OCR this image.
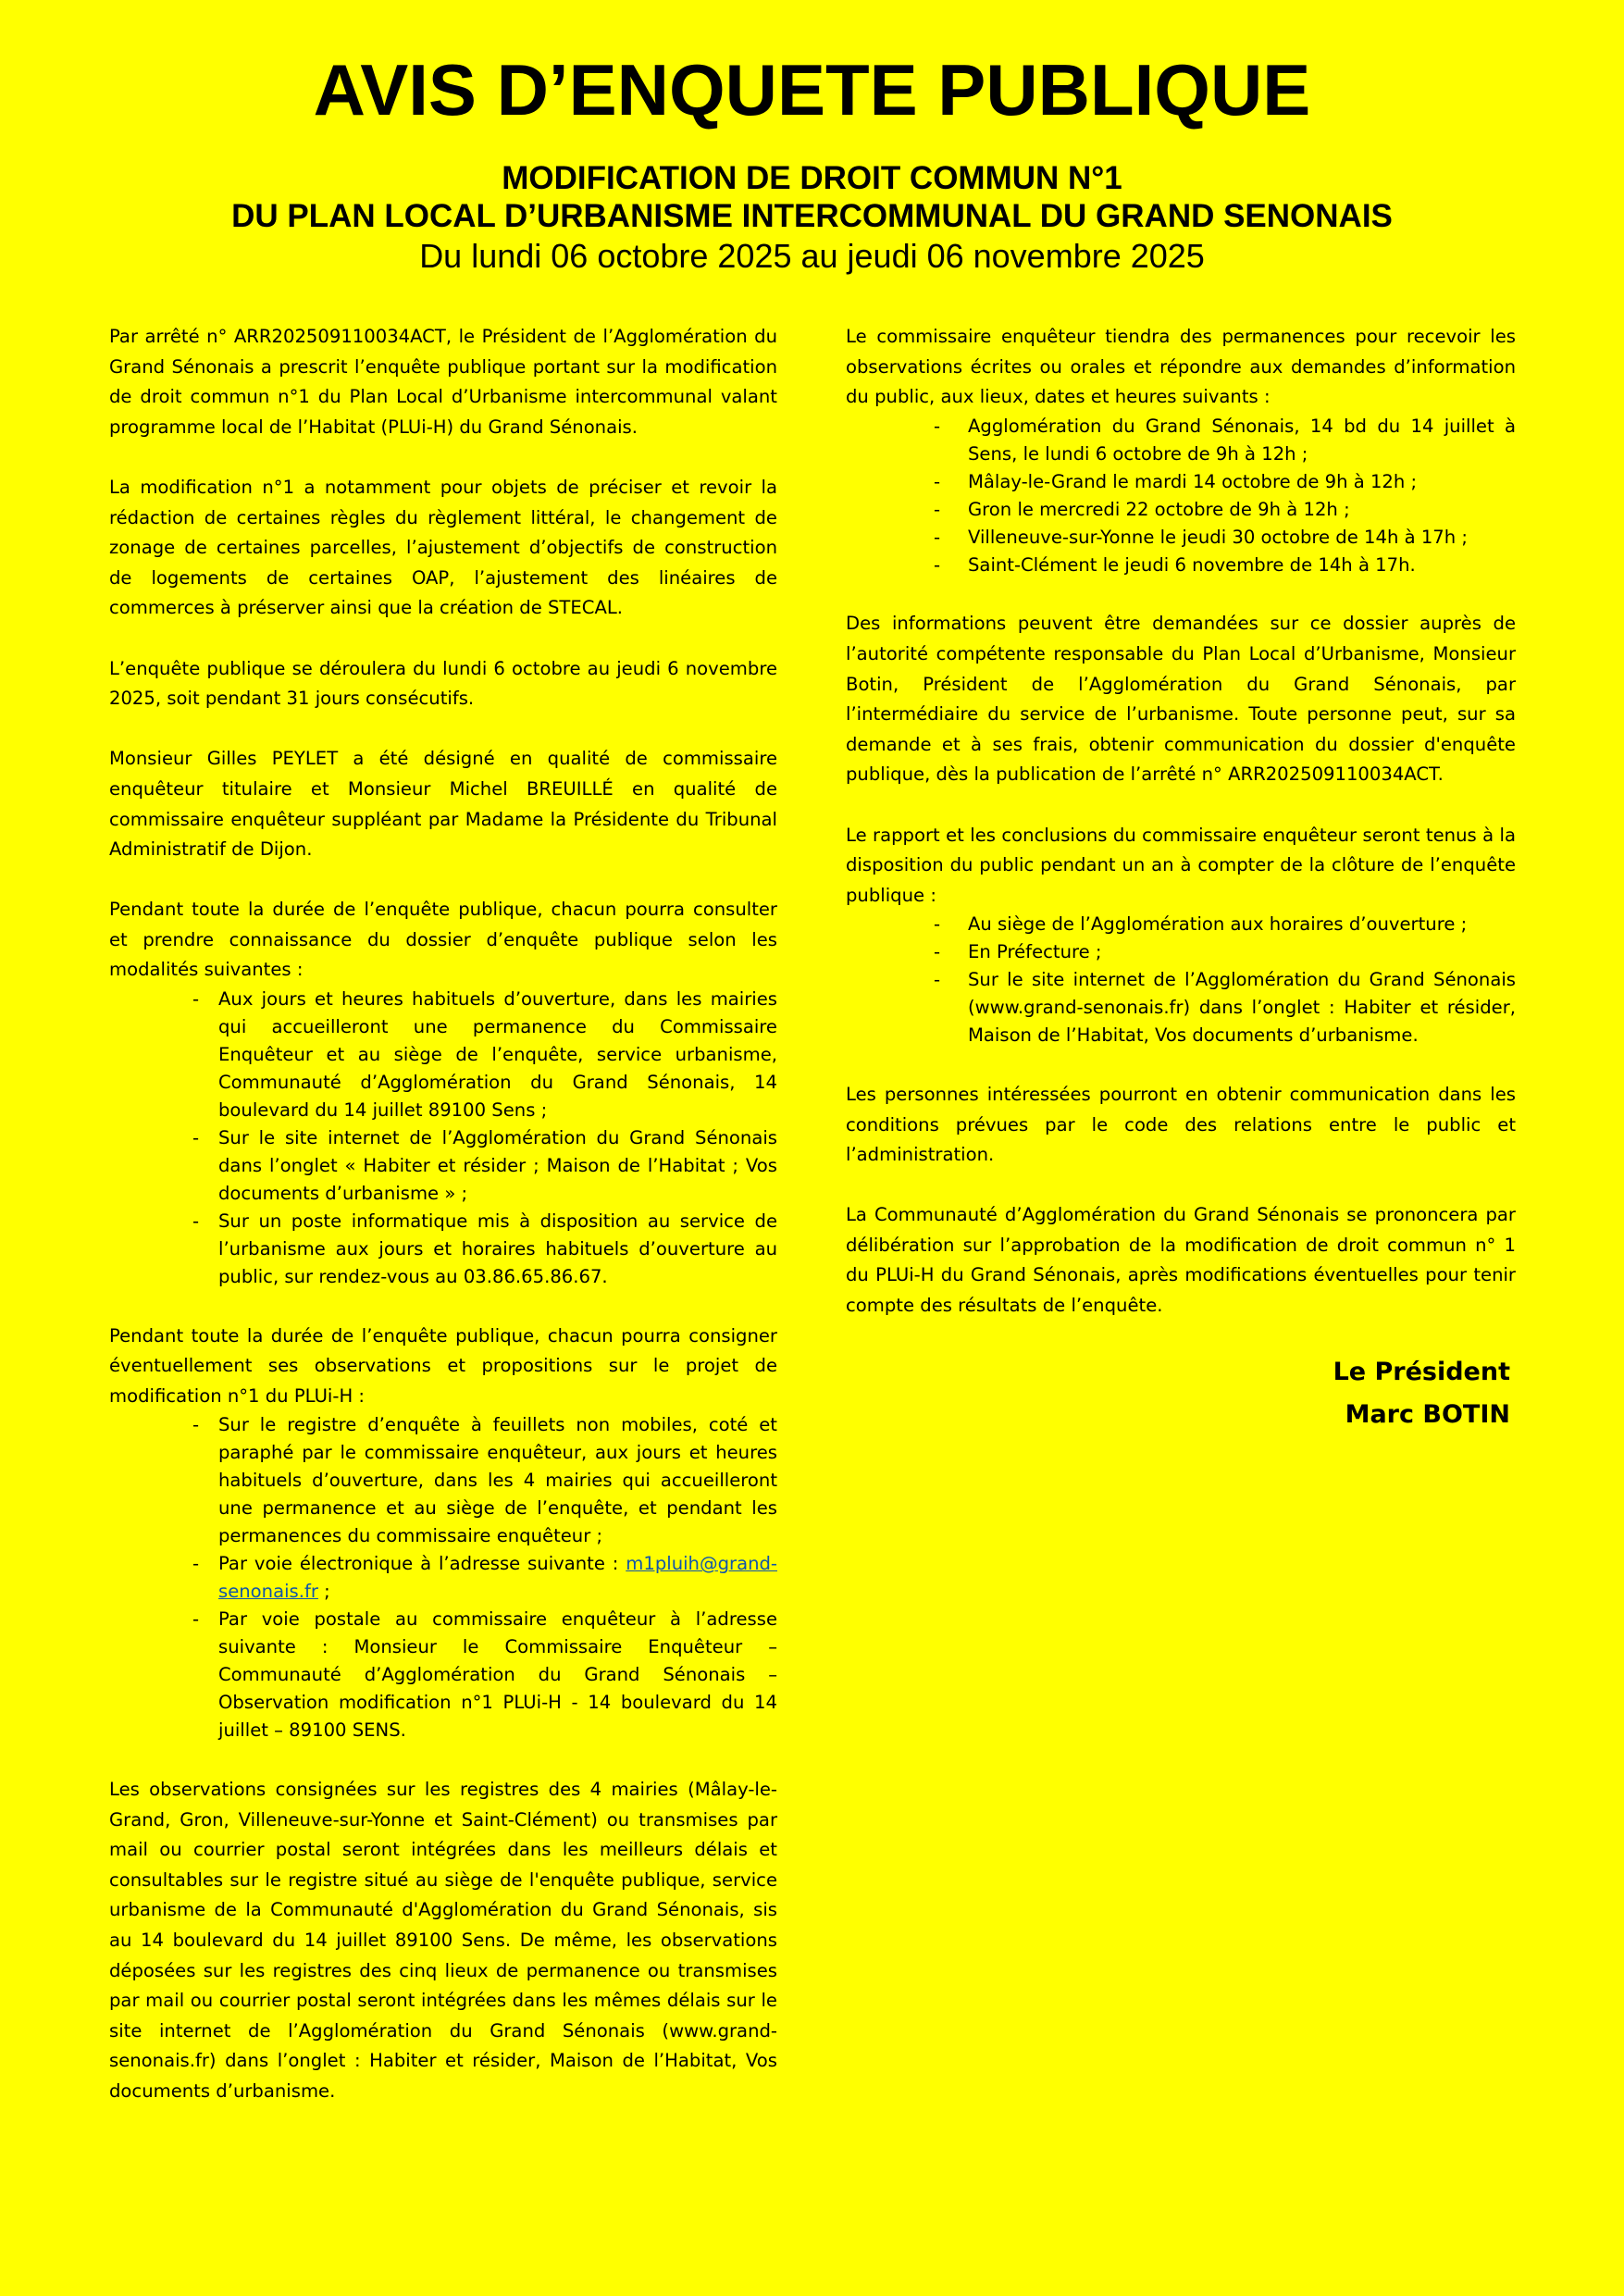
AVIS D’ENQUETE PUBLIQUE
MODIFICATION DE DROIT COMMUN N°1
DU PLAN LOCAL D’URBANISME INTERCOMMUNAL DU GRAND SENONAIS
Du lundi 06 octobre 2025 au jeudi 06 novembre 2025

Par arrêté n° ARR202509110034ACT, le Président de l’Agglomération du Grand Sénonais a prescrit l’enquête publique portant sur la modification de droit commun n°1 du Plan Local d’Urbanisme intercommunal valant programme local de l’Habitat (PLUi-H) du Grand Sénonais.

La modification n°1 a notamment pour objets de préciser et revoir la rédaction de certaines règles du règlement littéral, le changement de zonage de certaines parcelles, l’ajustement d’objectifs de construction de logements de certaines OAP, l’ajustement des linéaires de commerces à préserver ainsi que la création de STECAL.

L’enquête publique se déroulera du lundi 6 octobre au jeudi 6 novembre 2025, soit pendant 31 jours consécutifs.

Monsieur Gilles PEYLET a été désigné en qualité de commissaire enquêteur titulaire et Monsieur Michel BREUILLÉ en qualité de commissaire enquêteur suppléant par Madame la Présidente du Tribunal Administratif de Dijon.

Pendant toute la durée de l’enquête publique, chacun pourra consulter et prendre connaissance du dossier d’enquête publique selon les modalités suivantes :

- Aux jours et heures habituels d’ouverture, dans les mairies qui accueilleront une permanence du Commissaire Enquêteur et au siège de l’enquête, service urbanisme, Communauté d’Agglomération du Grand Sénonais, 14 boulevard du 14 juillet 89100 Sens ;
- Sur le site internet de l’Agglomération du Grand Sénonais dans l’onglet « Habiter et résider ; Maison de l’Habitat ; Vos documents d’urbanisme » ;
- Sur un poste informatique mis à disposition au service de l’urbanisme aux jours et horaires habituels d’ouverture au public, sur rendez-vous au 03.86.65.86.67.

Pendant toute la durée de l’enquête publique, chacun pourra consigner éventuellement ses observations et propositions sur le projet de modification n°1 du PLUi-H :

- Sur le registre d’enquête à feuillets non mobiles, coté et paraphé par le commissaire enquêteur, aux jours et heures habituels d’ouverture, dans les 4 mairies qui accueilleront une permanence et au siège de l’enquête, et pendant les permanences du commissaire enquêteur ;
- Par voie électronique à l’adresse suivante : m1pluih@grand-senonais.fr ;
- Par voie postale au commissaire enquêteur à l’adresse suivante : Monsieur le Commissaire Enquêteur – Communauté d’Agglomération du Grand Sénonais – Observation modification n°1 PLUi-H - 14 boulevard du 14 juillet – 89100 SENS.

Les observations consignées sur les registres des 4 mairies (Mâlay-le-Grand, Gron, Villeneuve-sur-Yonne et Saint-Clément) ou transmises par mail ou courrier postal seront intégrées dans les meilleurs délais et consultables sur le registre situé au siège de l'enquête publique, service urbanisme de la Communauté d'Agglomération du Grand Sénonais, sis au 14 boulevard du 14 juillet 89100 Sens. De même, les observations déposées sur les registres des cinq lieux de permanence ou transmises par mail ou courrier postal seront intégrées dans les mêmes délais sur le site internet de l’Agglomération du Grand Sénonais (www.grand-senonais.fr) dans l’onglet : Habiter et résider, Maison de l’Habitat, Vos documents d’urbanisme.

Le commissaire enquêteur tiendra des permanences pour recevoir les observations écrites ou orales et répondre aux demandes d’information du public, aux lieux, dates et heures suivants :

- Agglomération du Grand Sénonais, 14 bd du 14 juillet à Sens, le lundi 6 octobre de 9h à 12h ;
- Mâlay-le-Grand le mardi 14 octobre de 9h à 12h ;
- Gron le mercredi 22 octobre de 9h à 12h ;
- Villeneuve-sur-Yonne le jeudi 30 octobre de 14h à 17h ;
- Saint-Clément le jeudi 6 novembre de 14h à 17h.

Des informations peuvent être demandées sur ce dossier auprès de l’autorité compétente responsable du Plan Local d’Urbanisme, Monsieur Botin, Président de l’Agglomération du Grand Sénonais, par l’intermédiaire du service de l’urbanisme. Toute personne peut, sur sa demande et à ses frais, obtenir communication du dossier d'enquête publique, dès la publication de l’arrêté n° ARR202509110034ACT.

Le rapport et les conclusions du commissaire enquêteur seront tenus à la disposition du public pendant un an à compter de la clôture de l’enquête publique :

- Au siège de l’Agglomération aux horaires d’ouverture ;
- En Préfecture ;
- Sur le site internet de l’Agglomération du Grand Sénonais (www.grand-senonais.fr) dans l’onglet : Habiter et résider, Maison de l’Habitat, Vos documents d’urbanisme.

Les personnes intéressées pourront en obtenir communication dans les conditions prévues par le code des relations entre le public et l’administration.

La Communauté d’Agglomération du Grand Sénonais se prononcera par délibération sur l’approbation de la modification de droit commun n° 1 du PLUi-H du Grand Sénonais, après modifications éventuelles pour tenir compte des résultats de l’enquête.

Le Président
Marc BOTIN
